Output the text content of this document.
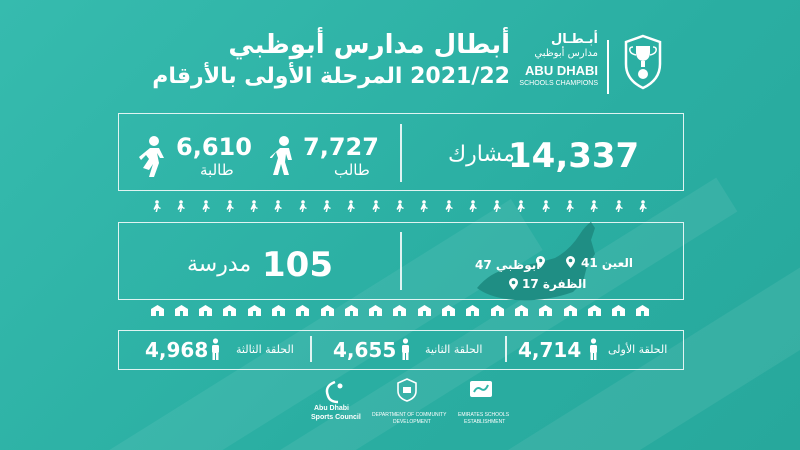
أبطال مدارس أبوظبي
2021/22 المرحلة الأولى بالأرقام
أبـطـال
مدارس أبوظبي
ABU DHABI
SCHOOLS CHAMPIONS
14,337
مشارك
7,727
طالب
6,610
طالبة
105
مدرسة	العين 41
أبوظبي 47
الظفرة 17
4,968	الحلقة الثالثة 4,655	الحلقة الثانية 4,714 الحلقة الأولى
Abu Dhabi
Sports Council DEPARTMENT OF COMMUNITY
DEVELOPMENT
EMIRATES SCHOOLS
ESTABLISHMENT
